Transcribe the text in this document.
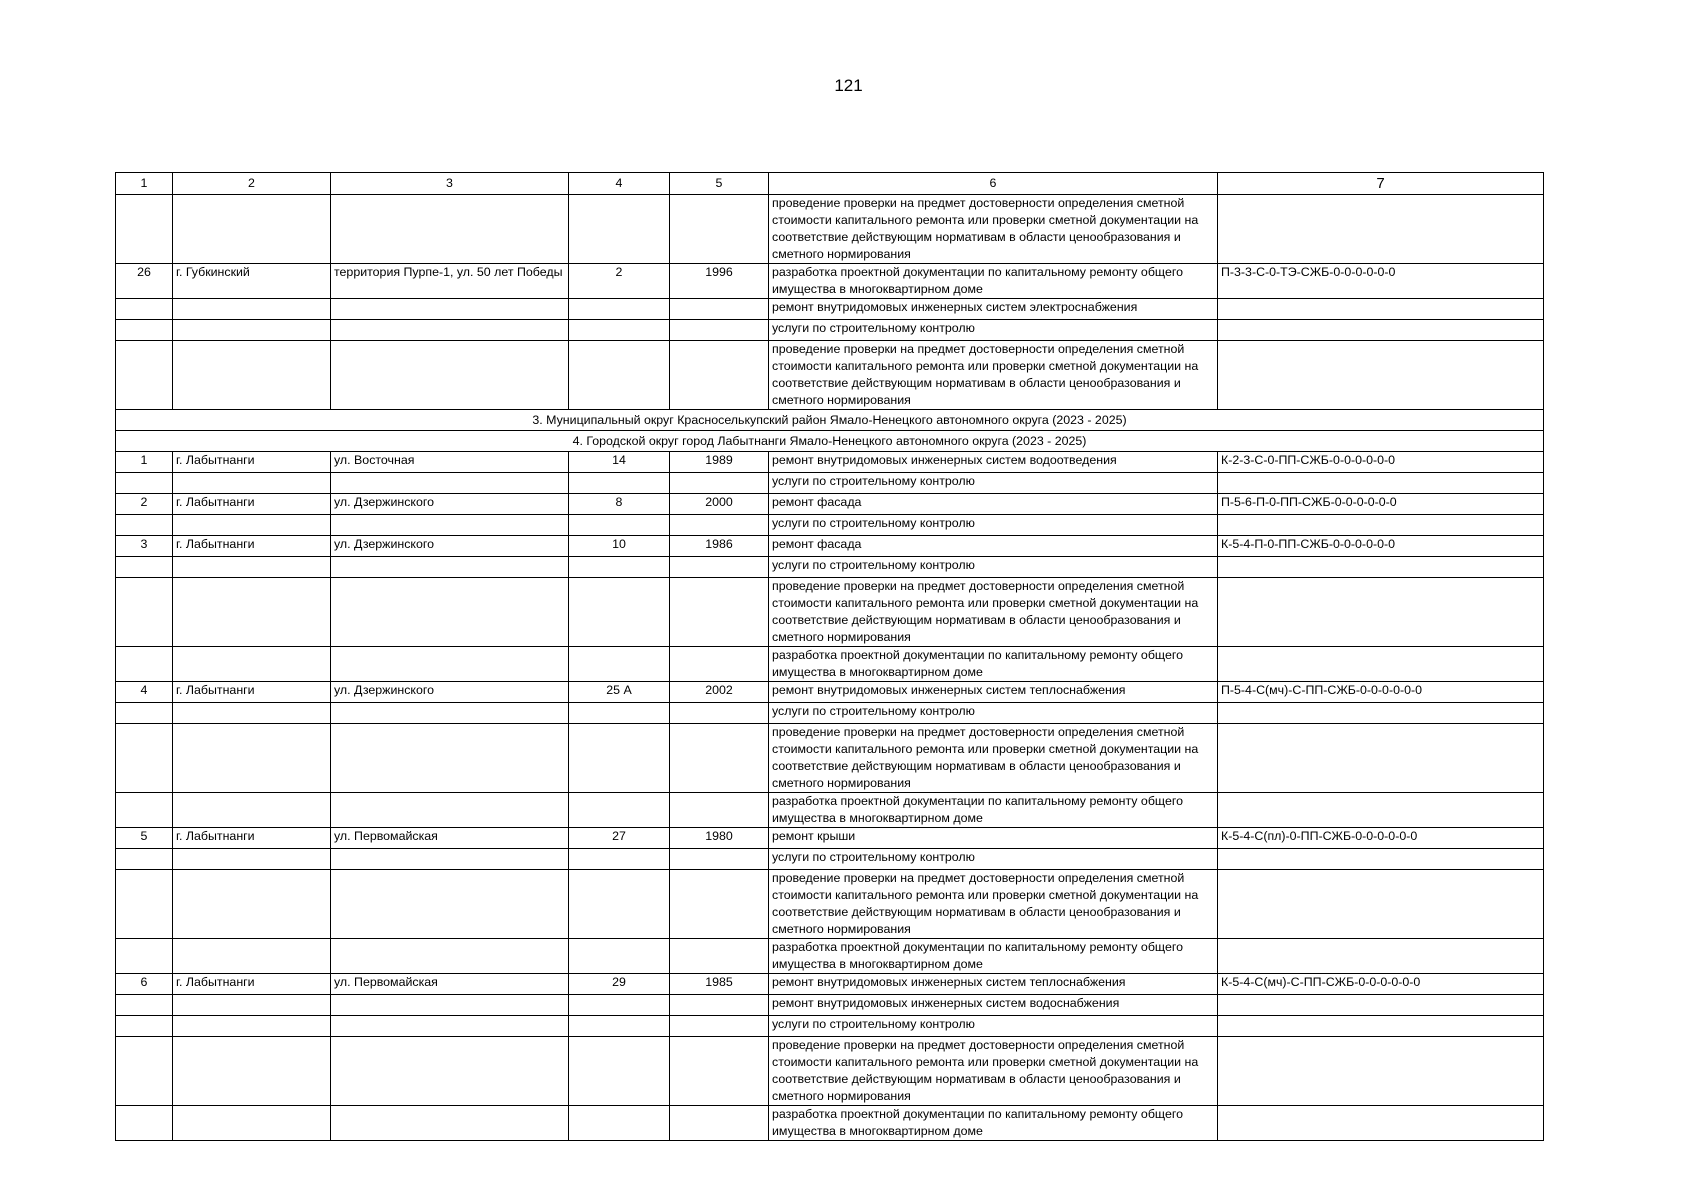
121
1	2	3	4	5	6	7
					проведение проверки на предмет достоверности определения сметной стоимости капитального ремонта или проверки сметной документации на соответствие действующим нормативам в области ценообразования и сметного нормирования	
26	г. Губкинский	территория Пурпе-1, ул. 50 лет Победы	2	1996	разработка проектной документации по капитальному ремонту общего имущества в многоквартирном доме	П-3-3-С-0-ТЭ-СЖБ-0-0-0-0-0-0
					ремонт внутридомовых инженерных систем электроснабжения	
					услуги по строительному контролю	
					проведение проверки на предмет достоверности определения сметной стоимости капитального ремонта или проверки сметной документации на соответствие действующим нормативам в области ценообразования и сметного нормирования	
3. Муниципальный округ Красноселькупский район Ямало-Ненецкого автономного округа (2023 - 2025)						
4. Городской округ город Лабытнанги Ямало-Ненецкого автономного округа (2023 - 2025)						
1	г. Лабытнанги	ул. Восточная	14	1989	ремонт внутридомовых инженерных систем водоотведения	К-2-3-С-0-ПП-СЖБ-0-0-0-0-0-0
					услуги по строительному контролю	
2	г. Лабытнанги	ул. Дзержинского	8	2000	ремонт фасада	П-5-6-П-0-ПП-СЖБ-0-0-0-0-0-0
					услуги по строительному контролю	
3	г. Лабытнанги	ул. Дзержинского	10	1986	ремонт фасада	К-5-4-П-0-ПП-СЖБ-0-0-0-0-0-0
					услуги по строительному контролю	
					проведение проверки на предмет достоверности определения сметной стоимости капитального ремонта или проверки сметной документации на соответствие действующим нормативам в области ценообразования и сметного нормирования	
					разработка проектной документации по капитальному ремонту общего имущества в многоквартирном доме	
4	г. Лабытнанги	ул. Дзержинского	25 А	2002	ремонт внутридомовых инженерных систем теплоснабжения	П-5-4-С(мч)-С-ПП-СЖБ-0-0-0-0-0-0
					услуги по строительному контролю	
					проведение проверки на предмет достоверности определения сметной стоимости капитального ремонта или проверки сметной документации на соответствие действующим нормативам в области ценообразования и сметного нормирования	
					разработка проектной документации по капитальному ремонту общего имущества в многоквартирном доме	
5	г. Лабытнанги	ул. Первомайская	27	1980	ремонт крыши	К-5-4-С(пл)-0-ПП-СЖБ-0-0-0-0-0-0
					услуги по строительному контролю	
					проведение проверки на предмет достоверности определения сметной стоимости капитального ремонта или проверки сметной документации на соответствие действующим нормативам в области ценообразования и сметного нормирования	
					разработка проектной документации по капитальному ремонту общего имущества в многоквартирном доме	
6	г. Лабытнанги	ул. Первомайская	29	1985	ремонт внутридомовых инженерных систем теплоснабжения	К-5-4-С(мч)-С-ПП-СЖБ-0-0-0-0-0-0
					ремонт внутридомовых инженерных систем водоснабжения	
					услуги по строительному контролю	
					проведение проверки на предмет достоверности определения сметной стоимости капитального ремонта или проверки сметной документации на соответствие действующим нормативам в области ценообразования и сметного нормирования	
					разработка проектной документации по капитальному ремонту общего имущества в многоквартирном доме	
